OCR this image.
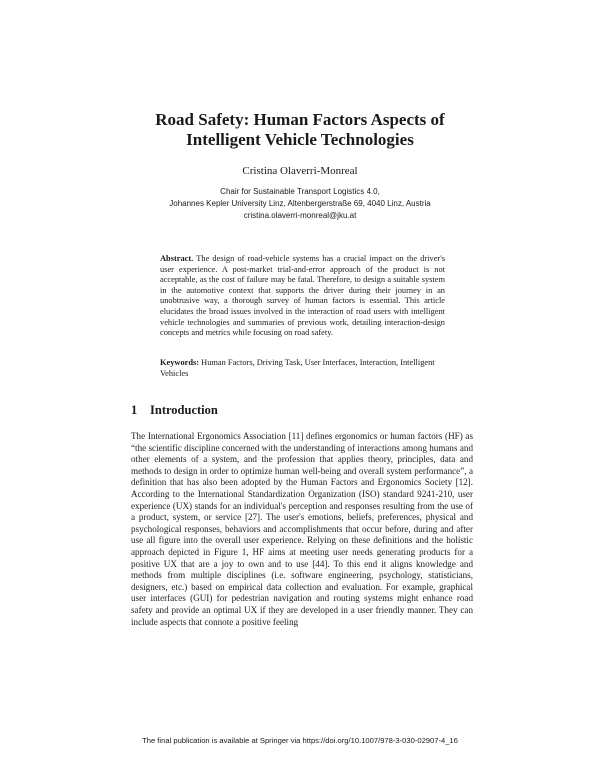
Road Safety: Human Factors Aspects of
Intelligent Vehicle Technologies
Cristina Olaverri-Monreal
Chair for Sustainable Transport Logistics 4.0,
Johannes Kepler University Linz, Altenbergerstraße 69, 4040 Linz, Austria
cristina.olaverri-monreal@jku.at
Abstract. The design of road-vehicle systems has a crucial impact on the driver's user experience. A post-market trial-and-error approach of the product is not acceptable, as the cost of failure may be fatal. Therefore, to design a suitable system in the automotive context that supports the driver during their journey in an unobtrusive way, a thorough survey of human factors is essential. This article elucidates the broad issues involved in the interaction of road users with intelligent vehicle technologies and summaries of previous work, detailing interaction-design concepts and metrics while focusing on road safety.
Keywords: Human Factors, Driving Task, User Interfaces, Interaction, Intelligent Vehicles
1 Introduction
The International Ergonomics Association [11] defines ergonomics or human factors (HF) as “the scientific discipline concerned with the understanding of interactions among humans and other elements of a system, and the profession that applies theory, principles, data and methods to design in order to optimize human well-being and overall system performance”, a definition that has also been adopted by the Human Factors and Ergonomics Society [12]. According to the International Standardization Organization (ISO) standard 9241-210, user experience (UX) stands for an individual's perception and responses resulting from the use of a product, system, or service [27]. The user's emotions, beliefs, preferences, physical and psychological responses, behaviors and accomplishments that occur before, during and after use all figure into the overall user experience. Relying on these definitions and the holistic approach depicted in Figure 1, HF aims at meeting user needs generating products for a positive UX that are a joy to own and to use [44]. To this end it aligns knowledge and methods from multiple disciplines (i.e. software engineering, psychology, statisticians, designers, etc.) based on empirical data collection and evaluation. For example, graphical user interfaces (GUI) for pedestrian navigation and routing systems might enhance road safety and provide an optimal UX if they are developed in a user friendly manner. They can include aspects that connote a positive feeling
The final publication is available at Springer via https://doi.org/10.1007/978-3-030-02907-4_16
